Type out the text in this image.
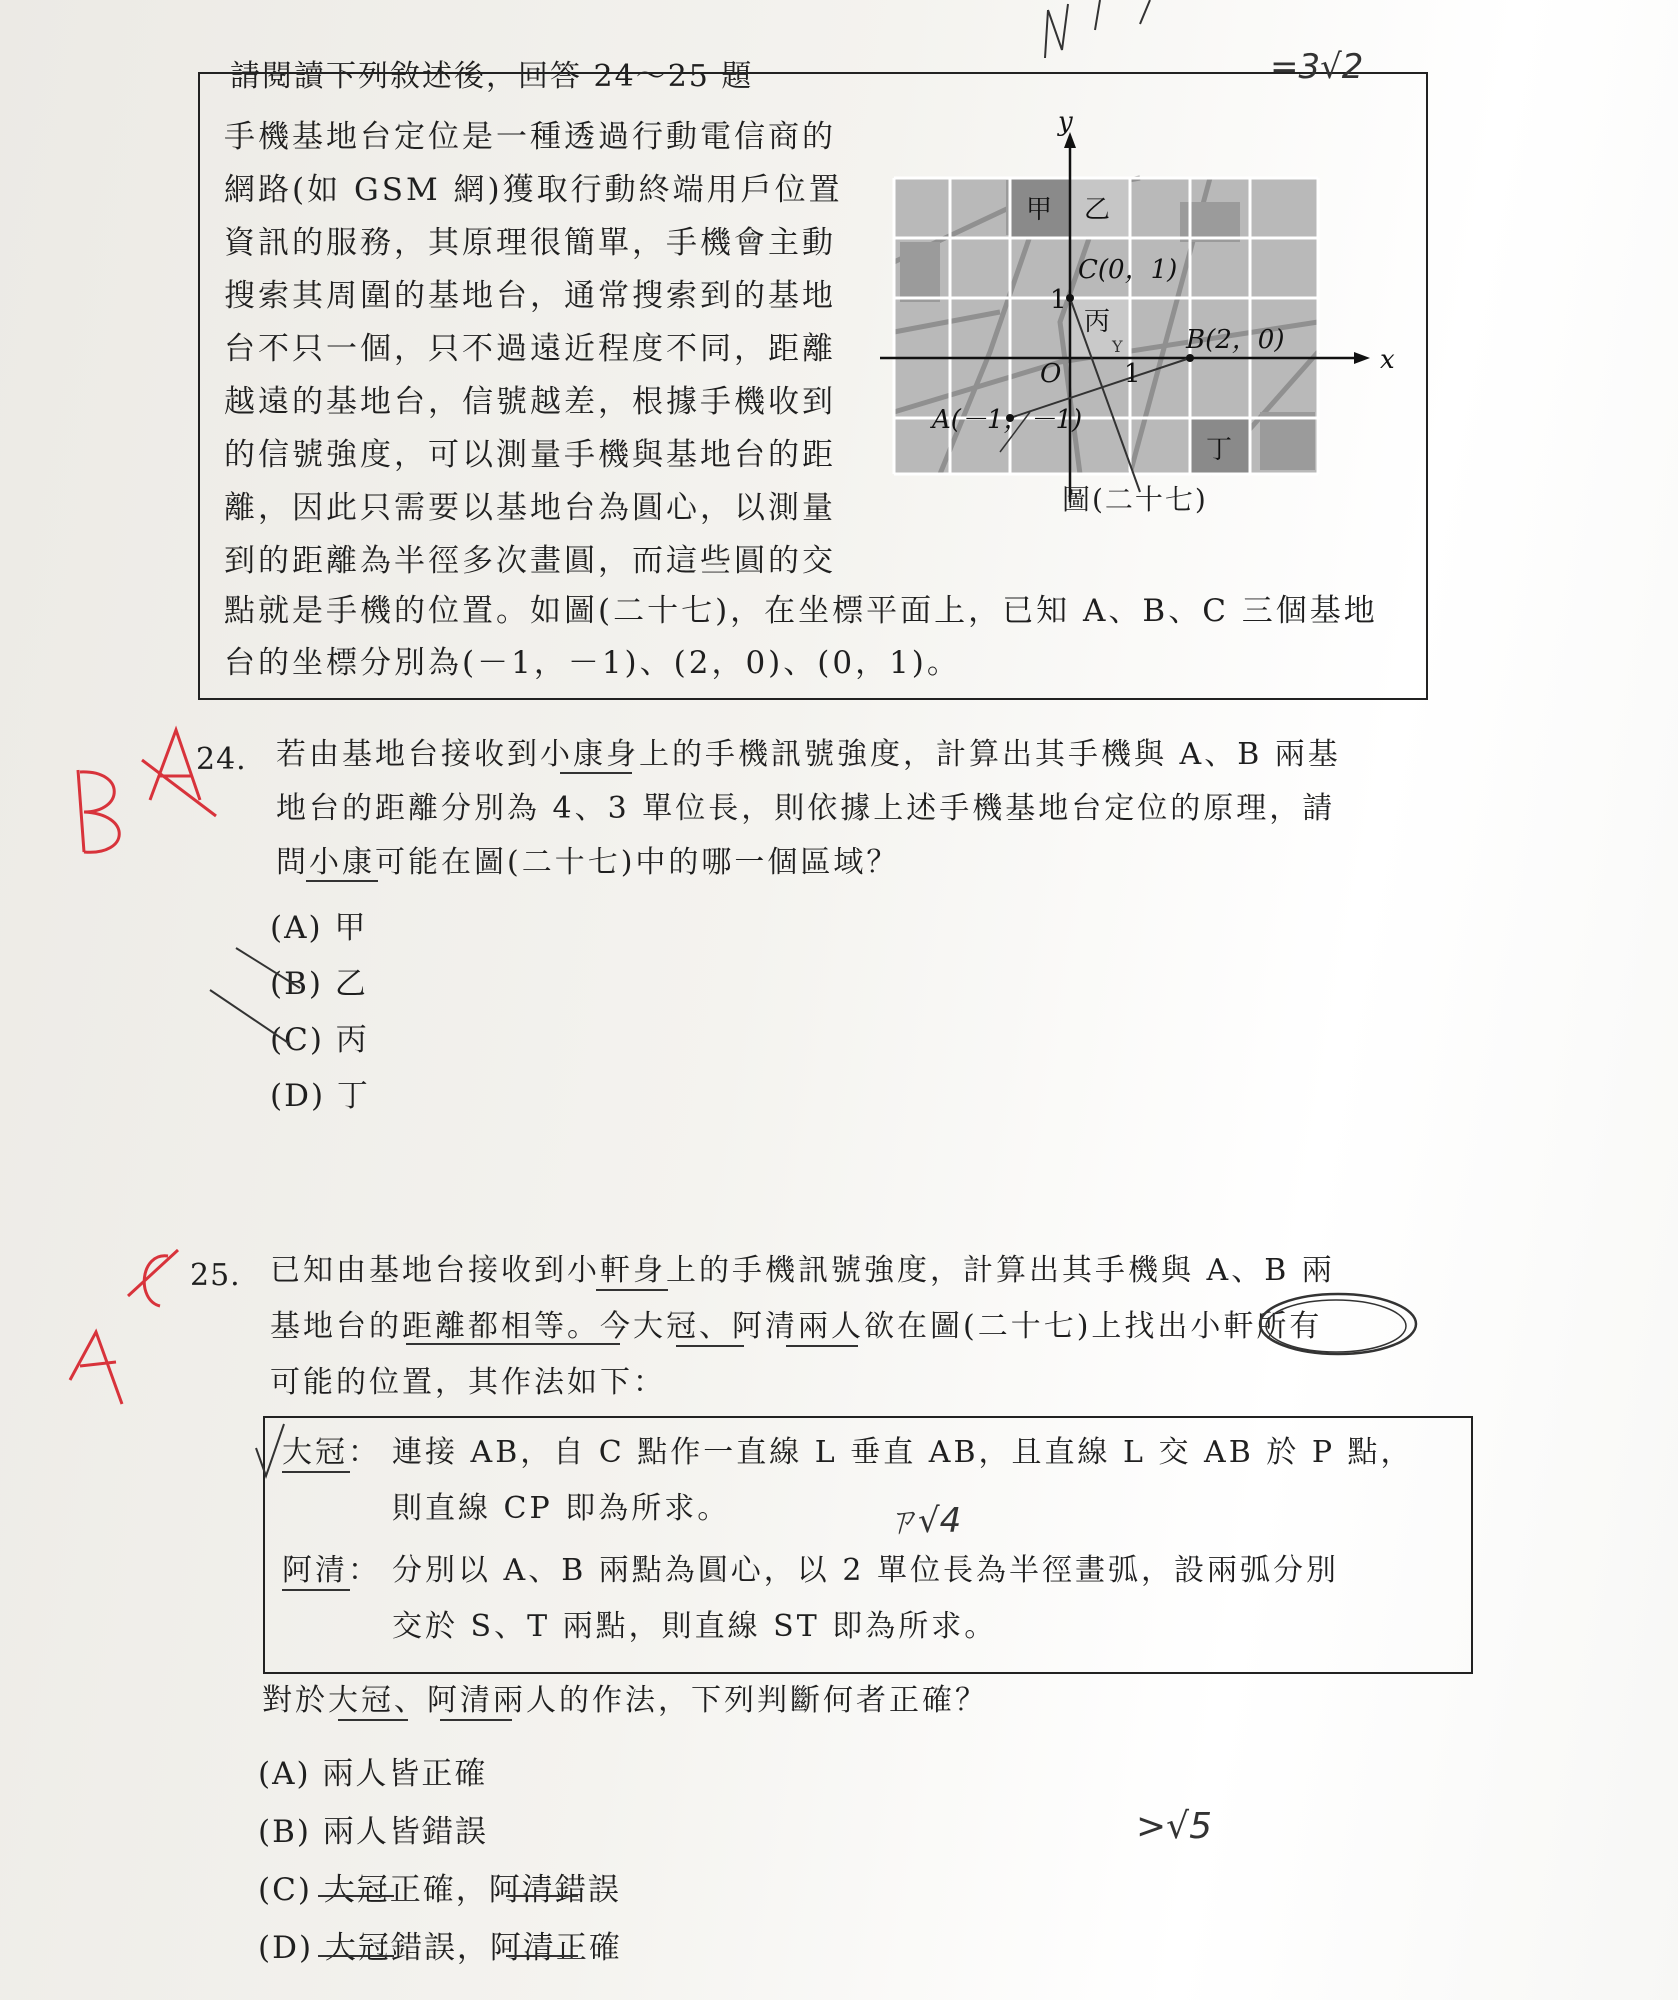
請閱讀下列敘述後，回答 24～25 題
手機基地台定位是一種透過行動電信商的
網路(如 GSM 網)獲取行動終端用戶位置
資訊的服務，其原理很簡單，手機會主動
搜索其周圍的基地台，通常搜索到的基地
台不只一個，只不過遠近程度不同，距離
越遠的基地台，信號越差，根據手機收到
的信號強度，可以測量手機與基地台的距
離，因此只需要以基地台為圓心，以測量
到的距離為半徑多次畫圓，而這些圓的交
點就是手機的位置。如圖(二十七)，在坐標平面上，已知 A、B、C 三個基地
台的坐標分別為(－1，－1)、(2，0)、(0，1)。
x
y
O
1
1
C(0，1)
B(2，0)
A(－1，－1)
甲 乙
丙
丁
Y
圖(二十七)
24. 若由基地台接收到小康身上的手機訊號強度，計算出其手機與 A、B 兩基
地台的距離分別為 4、3 單位長，則依據上述手機基地台定位的原理，請
問小康可能在圖(二十七)中的哪一個區域？
(A) 甲
(B) 乙
(C) 丙
(D) 丁
25. 已知由基地台接收到小軒身上的手機訊號強度，計算出其手機與 A、B 兩
基地台的距離都相等。今大冠、阿清兩人欲在圖(二十七)上找出小軒所有
可能的位置，其作法如下：
大冠： 連接 AB，自 C 點作一直線 L 垂直 AB，且直線 L 交 AB 於 P 點，
則直線 CP 即為所求。
阿清： 分別以 A、B 兩點為圓心，以 2 單位長為半徑畫弧，設兩弧分別
交於 S、T 兩點，則直線 ST 即為所求。
對於大冠、阿清兩人的作法，下列判斷何者正確？
(A) 兩人皆正確
(B) 兩人皆錯誤
(C) 大冠正確，阿清錯誤
(D) 大冠錯誤，阿清正確
=3√2
ㄗ√4
>√5
